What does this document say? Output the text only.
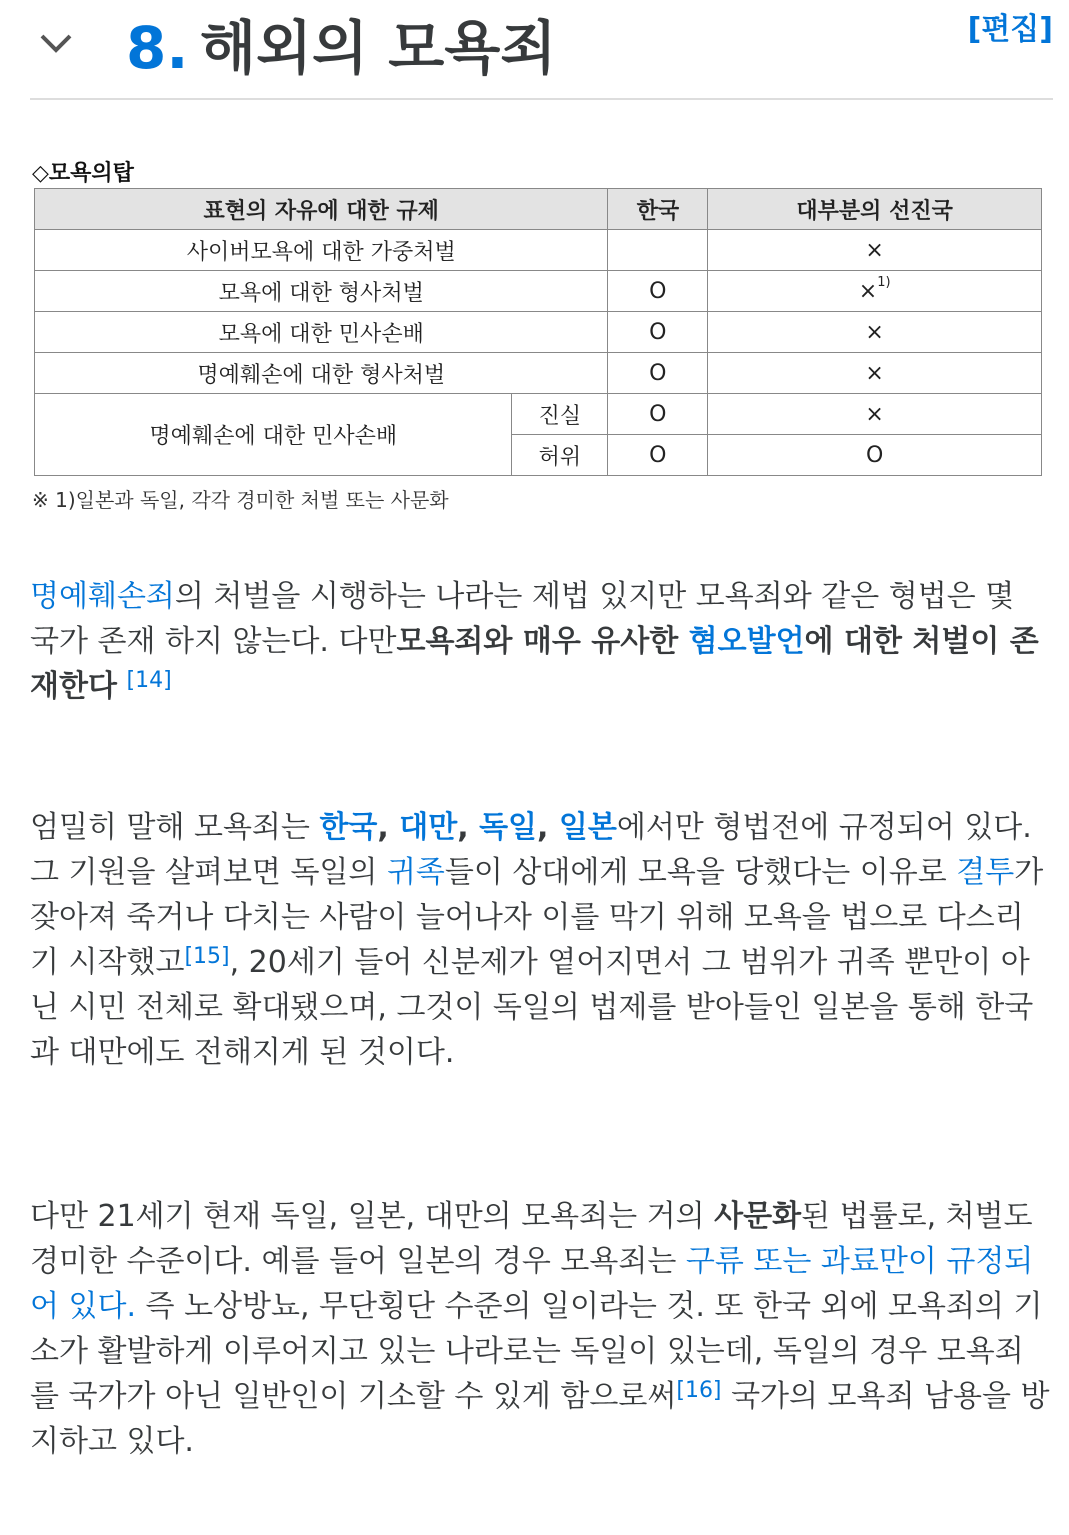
8. 해외의 모욕죄	[편집]
◇모욕의탑
표현의 자유에 대한 규제		한국	대부분의 선진국
사이버모욕에 대한 가중처벌			×
모욕에 대한 형사처벌		O	×$^{1)}$
모욕에 대한 민사손배		O	×
명예훼손에 대한 형사처벌		O	×
명예훼손에 대한 민사손배	진실	O	×
	허위	O	O
※ 1)일본과 독일, 각각 경미한 처벌 또는 사문화
명예훼손죄의 처벌을 시행하는 나라는 제법 있지만 모욕죄와 같은 형법은 몇 국가 존재 하지 않는다. 다만모욕죄와 매우 유사한 혐오발언에 대한 처벌이 존재한다 [14]
엄밀히 말해 모욕죄는 한국, 대만, 독일, 일본에서만 형법전에 규정되어 있다. 그 기원을 살펴보면 독일의 귀족들이 상대에게 모욕을 당했다는 이유로 결투가 잦아져 죽거나 다치는 사람이 늘어나자 이를 막기 위해 모욕을 법으로 다스리기 시작했고[15], 20세기 들어 신분제가 옅어지면서 그 범위가 귀족 뿐만이 아닌 시민 전체로 확대됐으며, 그것이 독일의 법제를 받아들인 일본을 통해 한국과 대만에도 전해지게 된 것이다.
다만 21세기 현재 독일, 일본, 대만의 모욕죄는 거의 사문화된 법률로, 처벌도 경미한 수준이다. 예를 들어 일본의 경우 모욕죄는 구류 또는 과료만이 규정되어 있다. 즉 노상방뇨, 무단횡단 수준의 일이라는 것. 또 한국 외에 모욕죄의 기소가 활발하게 이루어지고 있는 나라로는 독일이 있는데, 독일의 경우 모욕죄를 국가가 아닌 일반인이 기소할 수 있게 함으로써[16] 국가의 모욕죄 남용을 방지하고 있다.
